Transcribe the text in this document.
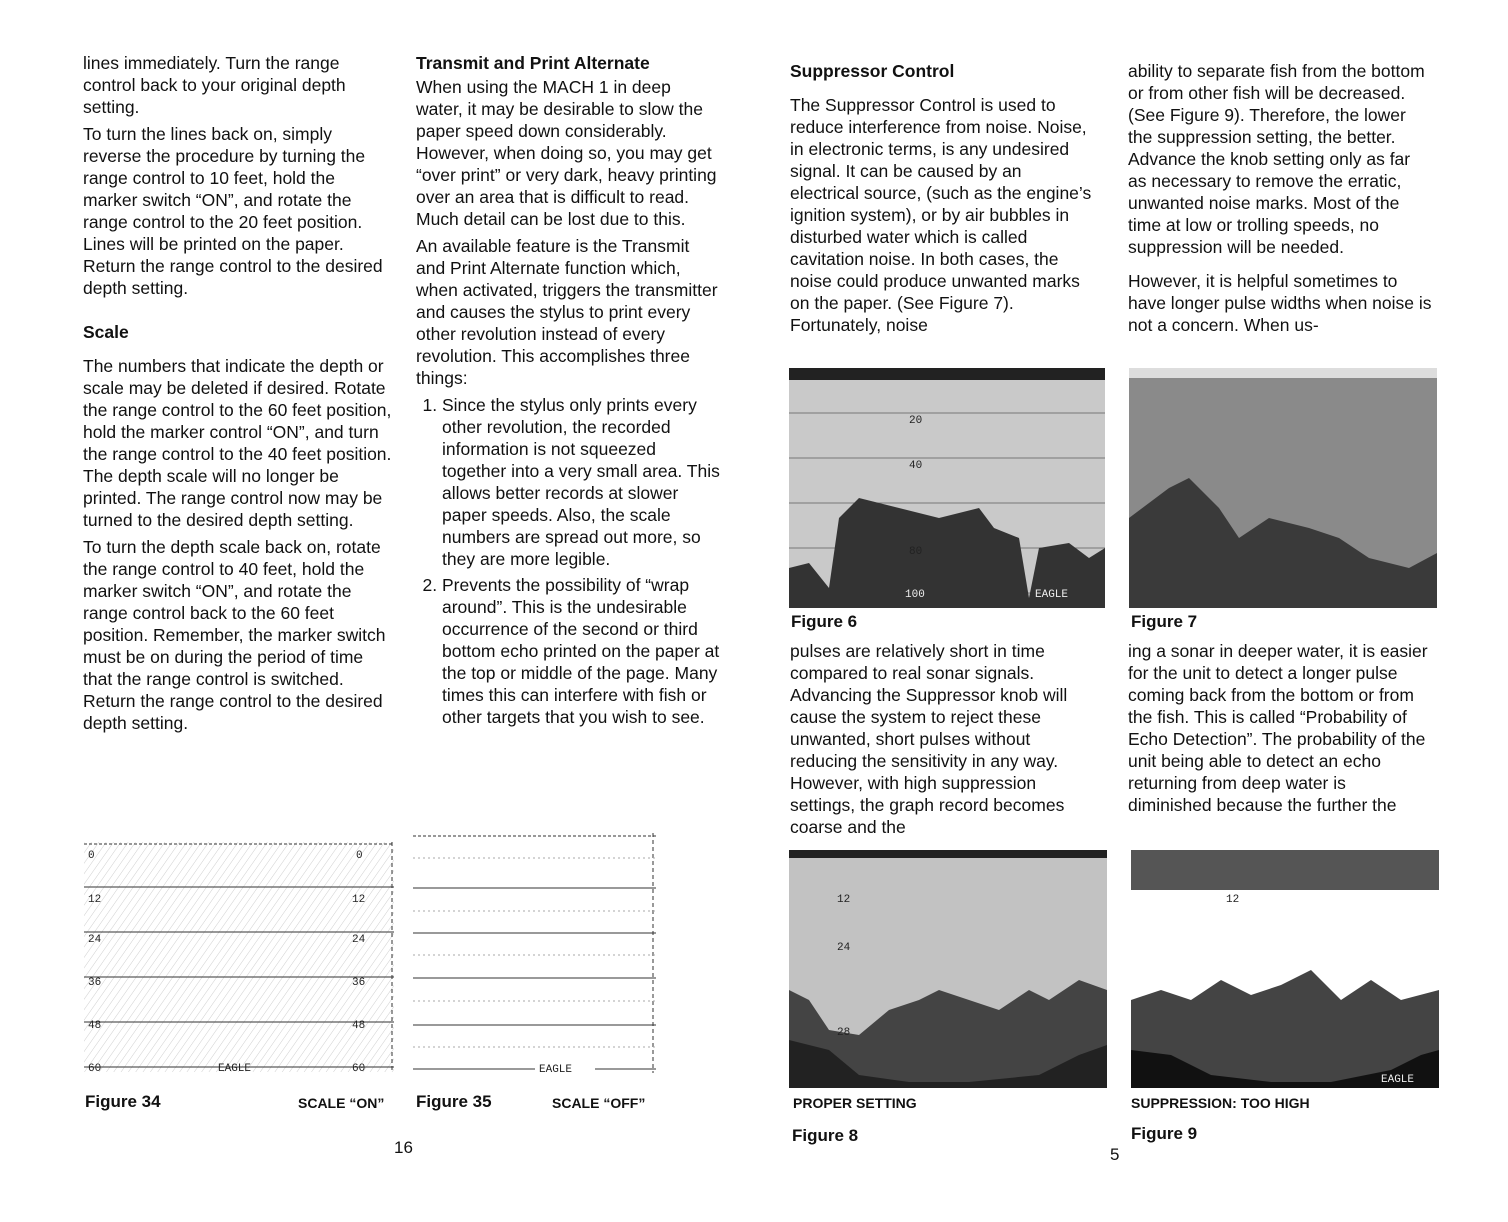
lines immediately. Turn the range control back to your original depth setting.

To turn the lines back on, simply reverse the procedure by turning the range control to 10 feet, hold the marker switch “ON”, and rotate the range control to the 20 feet position. Lines will be printed on the paper. Return the range control to the desired depth setting.

Scale

The numbers that indicate the depth or scale may be deleted if desired. Rotate the range control to the 60 feet position, hold the marker control “ON”, and turn the range control to the 40 feet position. The depth scale will no longer be printed. The range control now may be turned to the desired depth setting.

To turn the depth scale back on, rotate the range control to 40 feet, hold the marker switch “ON”, and rotate the range control back to the 60 feet position. Remember, the marker switch must be on during the period of time that the range control is switched. Return the range control to the desired depth setting.

Transmit and Print Alternate

When using the MACH 1 in deep water, it may be desirable to slow the paper speed down considerably. However, when doing so, you may get “over print” or very dark, heavy printing over an area that is difficult to read. Much detail can be lost due to this.

An available feature is the Transmit and Print Alternate function which, when activated, triggers the transmitter and causes the stylus to print every other revolution instead of every revolution. This accomplishes three things:

1. Since the stylus only prints every other revolution, the recorded information is not squeezed together into a very small area. This allows better records at slower paper speeds. Also, the scale numbers are spread out more, so they are more legible.
2. Prevents the possibility of “wrap around”. This is the undesirable occurrence of the second or third bottom echo printed on the paper at the top or middle of the page. Many times this can interfere with fish or other targets that you wish to see.
0	0
12	12
24	24
36	36
48	48
60	60
EAGLE
Figure 34	SCALE “ON”
EAGLE
Figure 35	SCALE “OFF”
16
Suppressor Control

The Suppressor Control is used to reduce interference from noise. Noise, in electronic terms, is any undesired signal. It can be caused by an electrical source, (such as the engine’s ignition system), or by air bubbles in disturbed water which is called cavitation noise. In both cases, the noise could produce unwanted marks on the paper. (See Figure 7). Fortunately, noise

pulses are relatively short in time compared to real sonar signals. Advancing the Suppressor knob will cause the system to reject these unwanted, short pulses without reducing the sensitivity in any way. However, with high suppression settings, the graph record becomes coarse and the

ability to separate fish from the bottom or from other fish will be decreased. (See Figure 9). Therefore, the lower the suppression setting, the better. Advance the knob setting only as far as necessary to remove the erratic, unwanted noise marks. Most of the time at low or trolling speeds, no suppression will be needed.

However, it is helpful sometimes to have longer pulse widths when noise is not a concern. When us-

ing a sonar in deeper water, it is easier for the unit to detect a longer pulse coming back from the bottom or from the fish. This is called “Probability of Echo Detection”. The probability of the unit being able to detect an echo returning from deep water is diminished because the further the

20
40
80
100	EAGLE
Figure 6	Figure 7
12
24
28
PROPER SETTING
Figure 8
12
EAGLE
SUPPRESSION: TOO HIGH
Figure 9
5
